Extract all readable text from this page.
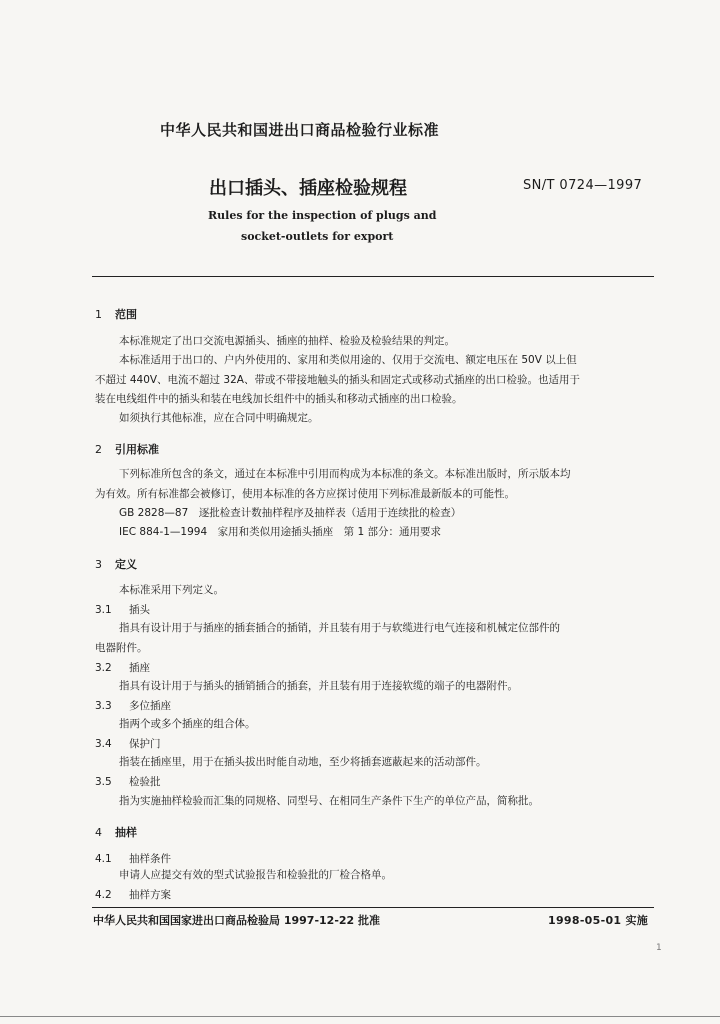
中华人民共和国进出口商品检验行业标准
出口插头、插座检验规程	SN/T 0724—1997
Rules for the inspection of plugs and
socket-outlets for export
1 范围
本标准规定了出口交流电源插头、插座的抽样、检验及检验结果的判定。
本标准适用于出口的、户内外使用的、家用和类似用途的、仅用于交流电、额定电压在 50V 以上但
不超过 440V、电流不超过 32A、带或不带接地触头的插头和固定式或移动式插座的出口检验。也适用于
装在电线组件中的插头和装在电线加长组件中的插头和移动式插座的出口检验。
如须执行其他标准，应在合同中明确规定。
2 引用标准
下列标准所包含的条文，通过在本标准中引用而构成为本标准的条文。本标准出版时，所示版本均
为有效。所有标准都会被修订，使用本标准的各方应探讨使用下列标准最新版本的可能性。
GB 2828—87　逐批检查计数抽样程序及抽样表（适用于连续批的检查）
IEC 884-1—1994　家用和类似用途插头插座　第 1 部分：通用要求
3 定义
本标准采用下列定义。
3.1 插头
指具有设计用于与插座的插套插合的插销，并且装有用于与软缆进行电气连接和机械定位部件的
电器附件。
3.2 插座
指具有设计用于与插头的插销插合的插套，并且装有用于连接软缆的端子的电器附件。
3.3 多位插座
指两个或多个插座的组合体。
3.4 保护门
指装在插座里，用于在插头拔出时能自动地，至少将插套遮蔽起来的活动部件。
3.5 检验批
指为实施抽样检验而汇集的同规格、同型号、在相同生产条件下生产的单位产品，简称批。
4 抽样
4.1 抽样条件
申请人应提交有效的型式试验报告和检验批的厂检合格单。
4.2 抽样方案
中华人民共和国国家进出口商品检验局 1997-12-22 批准	1998-05-01 实施
1
